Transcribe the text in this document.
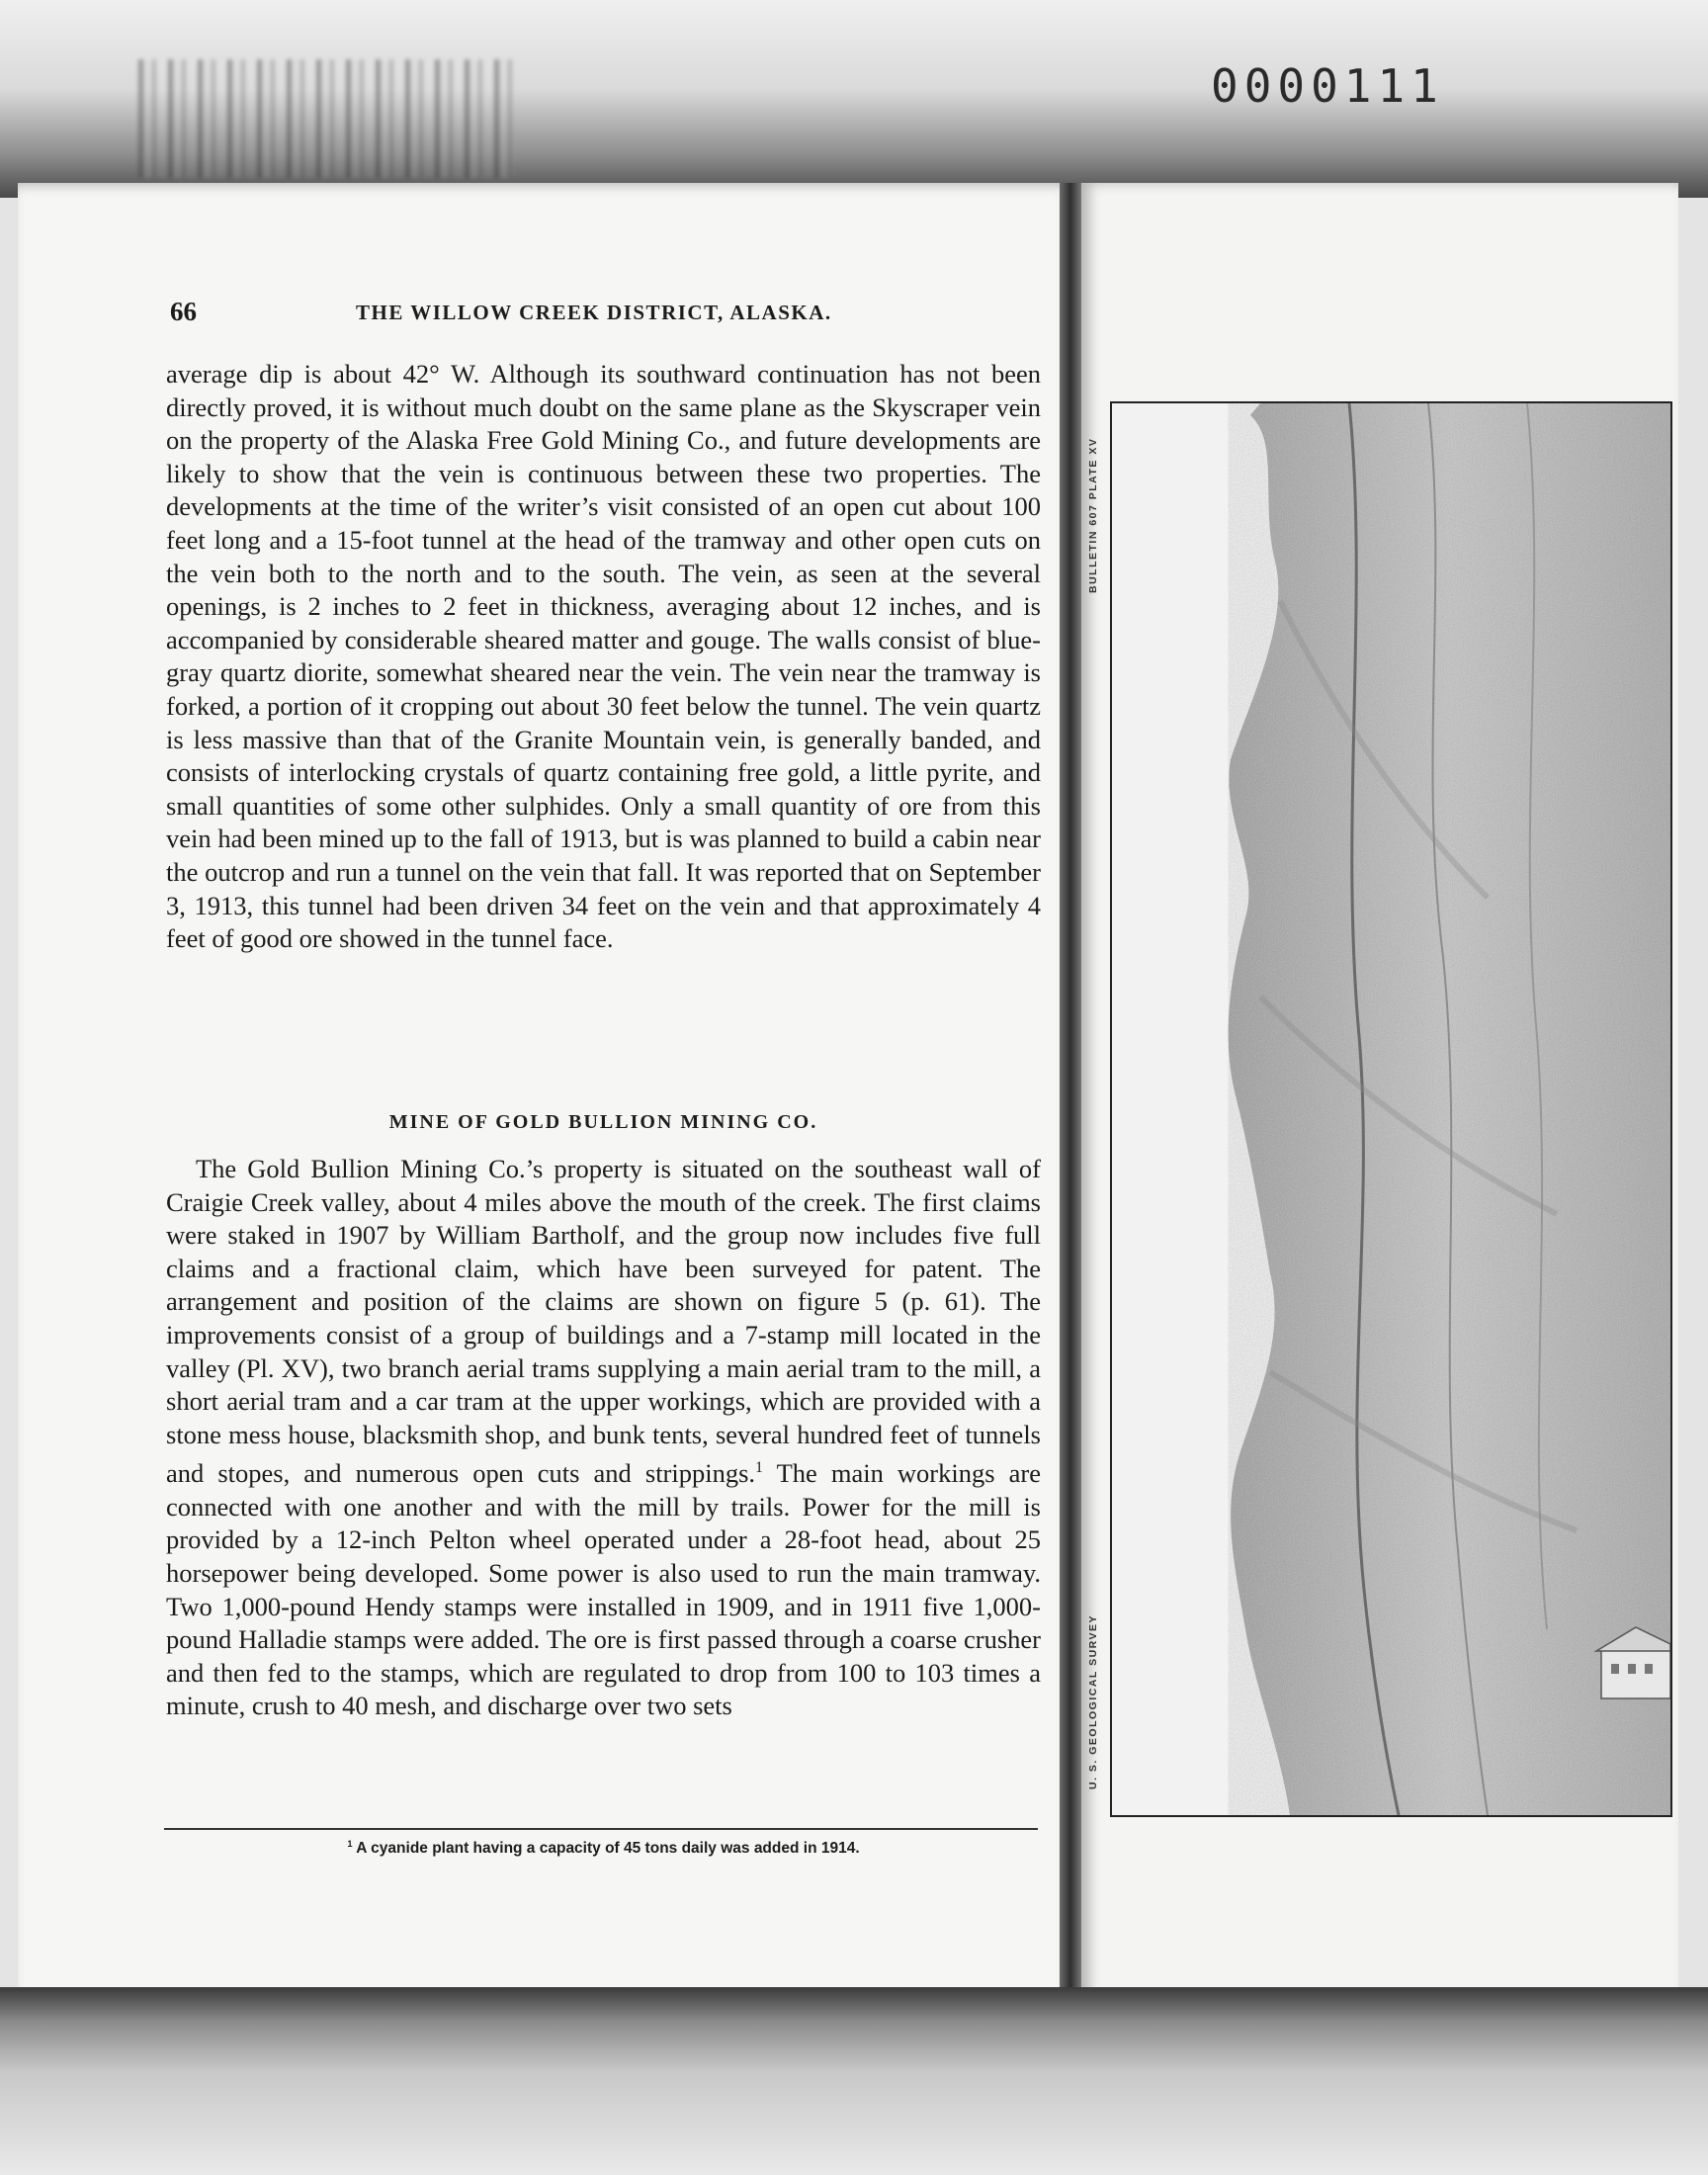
0000111
66	THE WILLOW CREEK DISTRICT, ALASKA.

average dip is about 42° W. Although its southward continuation has not been directly proved, it is without much doubt on the same plane as the Skyscraper vein on the property of the Alaska Free Gold Mining Co., and future developments are likely to show that the vein is continuous between these two properties. The developments at the time of the writer’s visit consisted of an open cut about 100 feet long and a 15-foot tunnel at the head of the tramway and other open cuts on the vein both to the north and to the south. The vein, as seen at the several openings, is 2 inches to 2 feet in thickness, averaging about 12 inches, and is accompanied by considerable sheared matter and gouge. The walls consist of blue-gray quartz diorite, somewhat sheared near the vein. The vein near the tramway is forked, a portion of it cropping out about 30 feet below the tunnel. The vein quartz is less massive than that of the Granite Mountain vein, is generally banded, and consists of interlocking crystals of quartz containing free gold, a little pyrite, and small quantities of some other sulphides. Only a small quantity of ore from this vein had been mined up to the fall of 1913, but is was planned to build a cabin near the outcrop and run a tunnel on the vein that fall. It was reported that on September 3, 1913, this tunnel had been driven 34 feet on the vein and that approximately 4 feet of good ore showed in the tunnel face.

MINE OF GOLD BULLION MINING CO.
The Gold Bullion Mining Co.’s property is situated on the southeast wall of Craigie Creek valley, about 4 miles above the mouth of the creek. The first claims were staked in 1907 by William Bartholf, and the group now includes five full claims and a fractional claim, which have been surveyed for patent. The arrangement and position of the claims are shown on figure 5 (p. 61). The improvements consist of a group of buildings and a 7-stamp mill located in the valley (Pl. XV), two branch aerial trams supplying a main aerial tram to the mill, a short aerial tram and a car tram at the upper workings, which are provided with a stone mess house, blacksmith shop, and bunk tents, several hundred feet of tunnels and stopes, and numerous open cuts and strippings.$^1$ The main workings are connected with one another and with the mill by trails. Power for the mill is provided by a 12-inch Pelton wheel operated under a 28-foot head, about 25 horsepower being developed. Some power is also used to run the main tramway. Two 1,000-pound Hendy stamps were installed in 1909, and in 1911 five 1,000-pound Halladie stamps were added. The ore is first passed through a coarse crusher and then fed to the stamps, which are regulated to drop from 100 to 103 times a minute, crush to 40 mesh, and discharge over two sets
$^1$ A cyanide plant having a capacity of 45 tons daily was added in 1914.
BULLETIN 607 PLATE XV
U. S. GEOLOGICAL SURVEY
